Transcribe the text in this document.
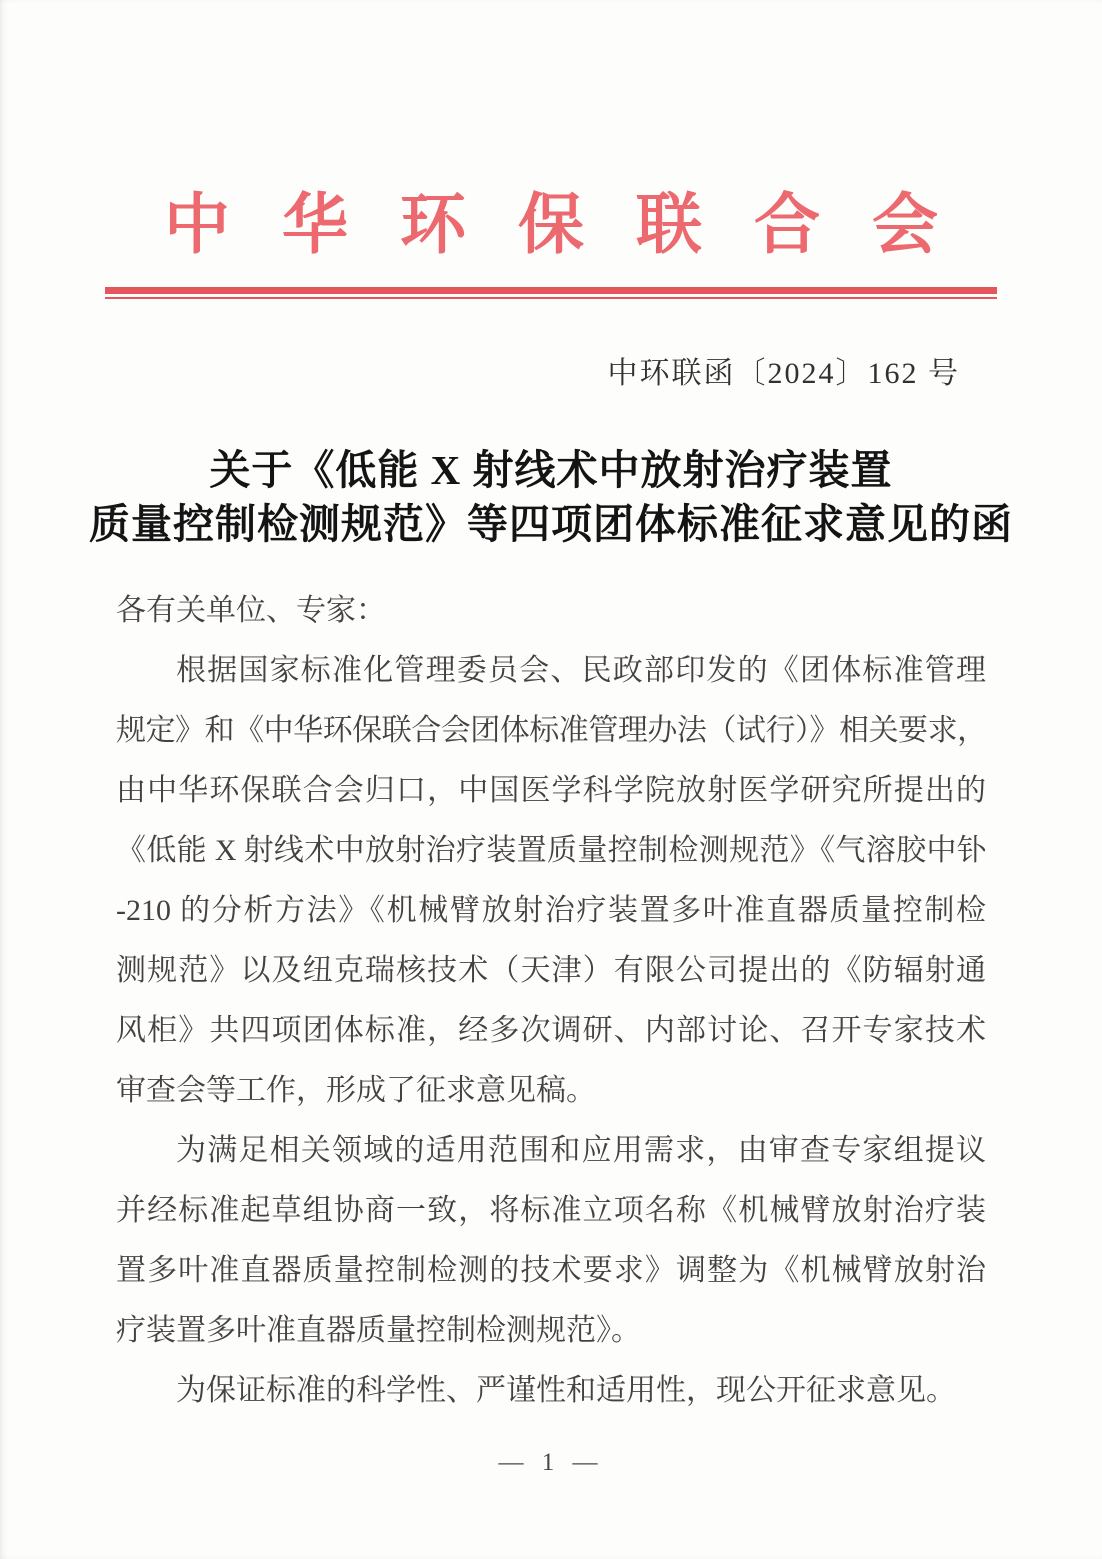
中华环保联合会
中环联函〔2024〕162 号
关于《低能 X 射线术中放射治疗装置
质量控制检测规范》等四项团体标准征求意见的函
各有关单位、专家：
根据国家标准化管理委员会、民政部印发的《团体标准管理
规定》和《中华环保联合会团体标准管理办法（试行）》相关要求，
由中华环保联合会归口，中国医学科学院放射医学研究所提出的
《低能 X 射线术中放射治疗装置质量控制检测规范》《气溶胶中钋
-210 的分析方法》《机械臂放射治疗装置多叶准直器质量控制检
测规范》以及纽克瑞核技术（天津）有限公司提出的《防辐射通
风柜》共四项团体标准，经多次调研、内部讨论、召开专家技术
审查会等工作，形成了征求意见稿。
为满足相关领域的适用范围和应用需求，由审查专家组提议
并经标准起草组协商一致，将标准立项名称《机械臂放射治疗装
置多叶准直器质量控制检测的技术要求》调整为《机械臂放射治
疗装置多叶准直器质量控制检测规范》。
为保证标准的科学性、严谨性和适用性，现公开征求意见。
— 1 —
